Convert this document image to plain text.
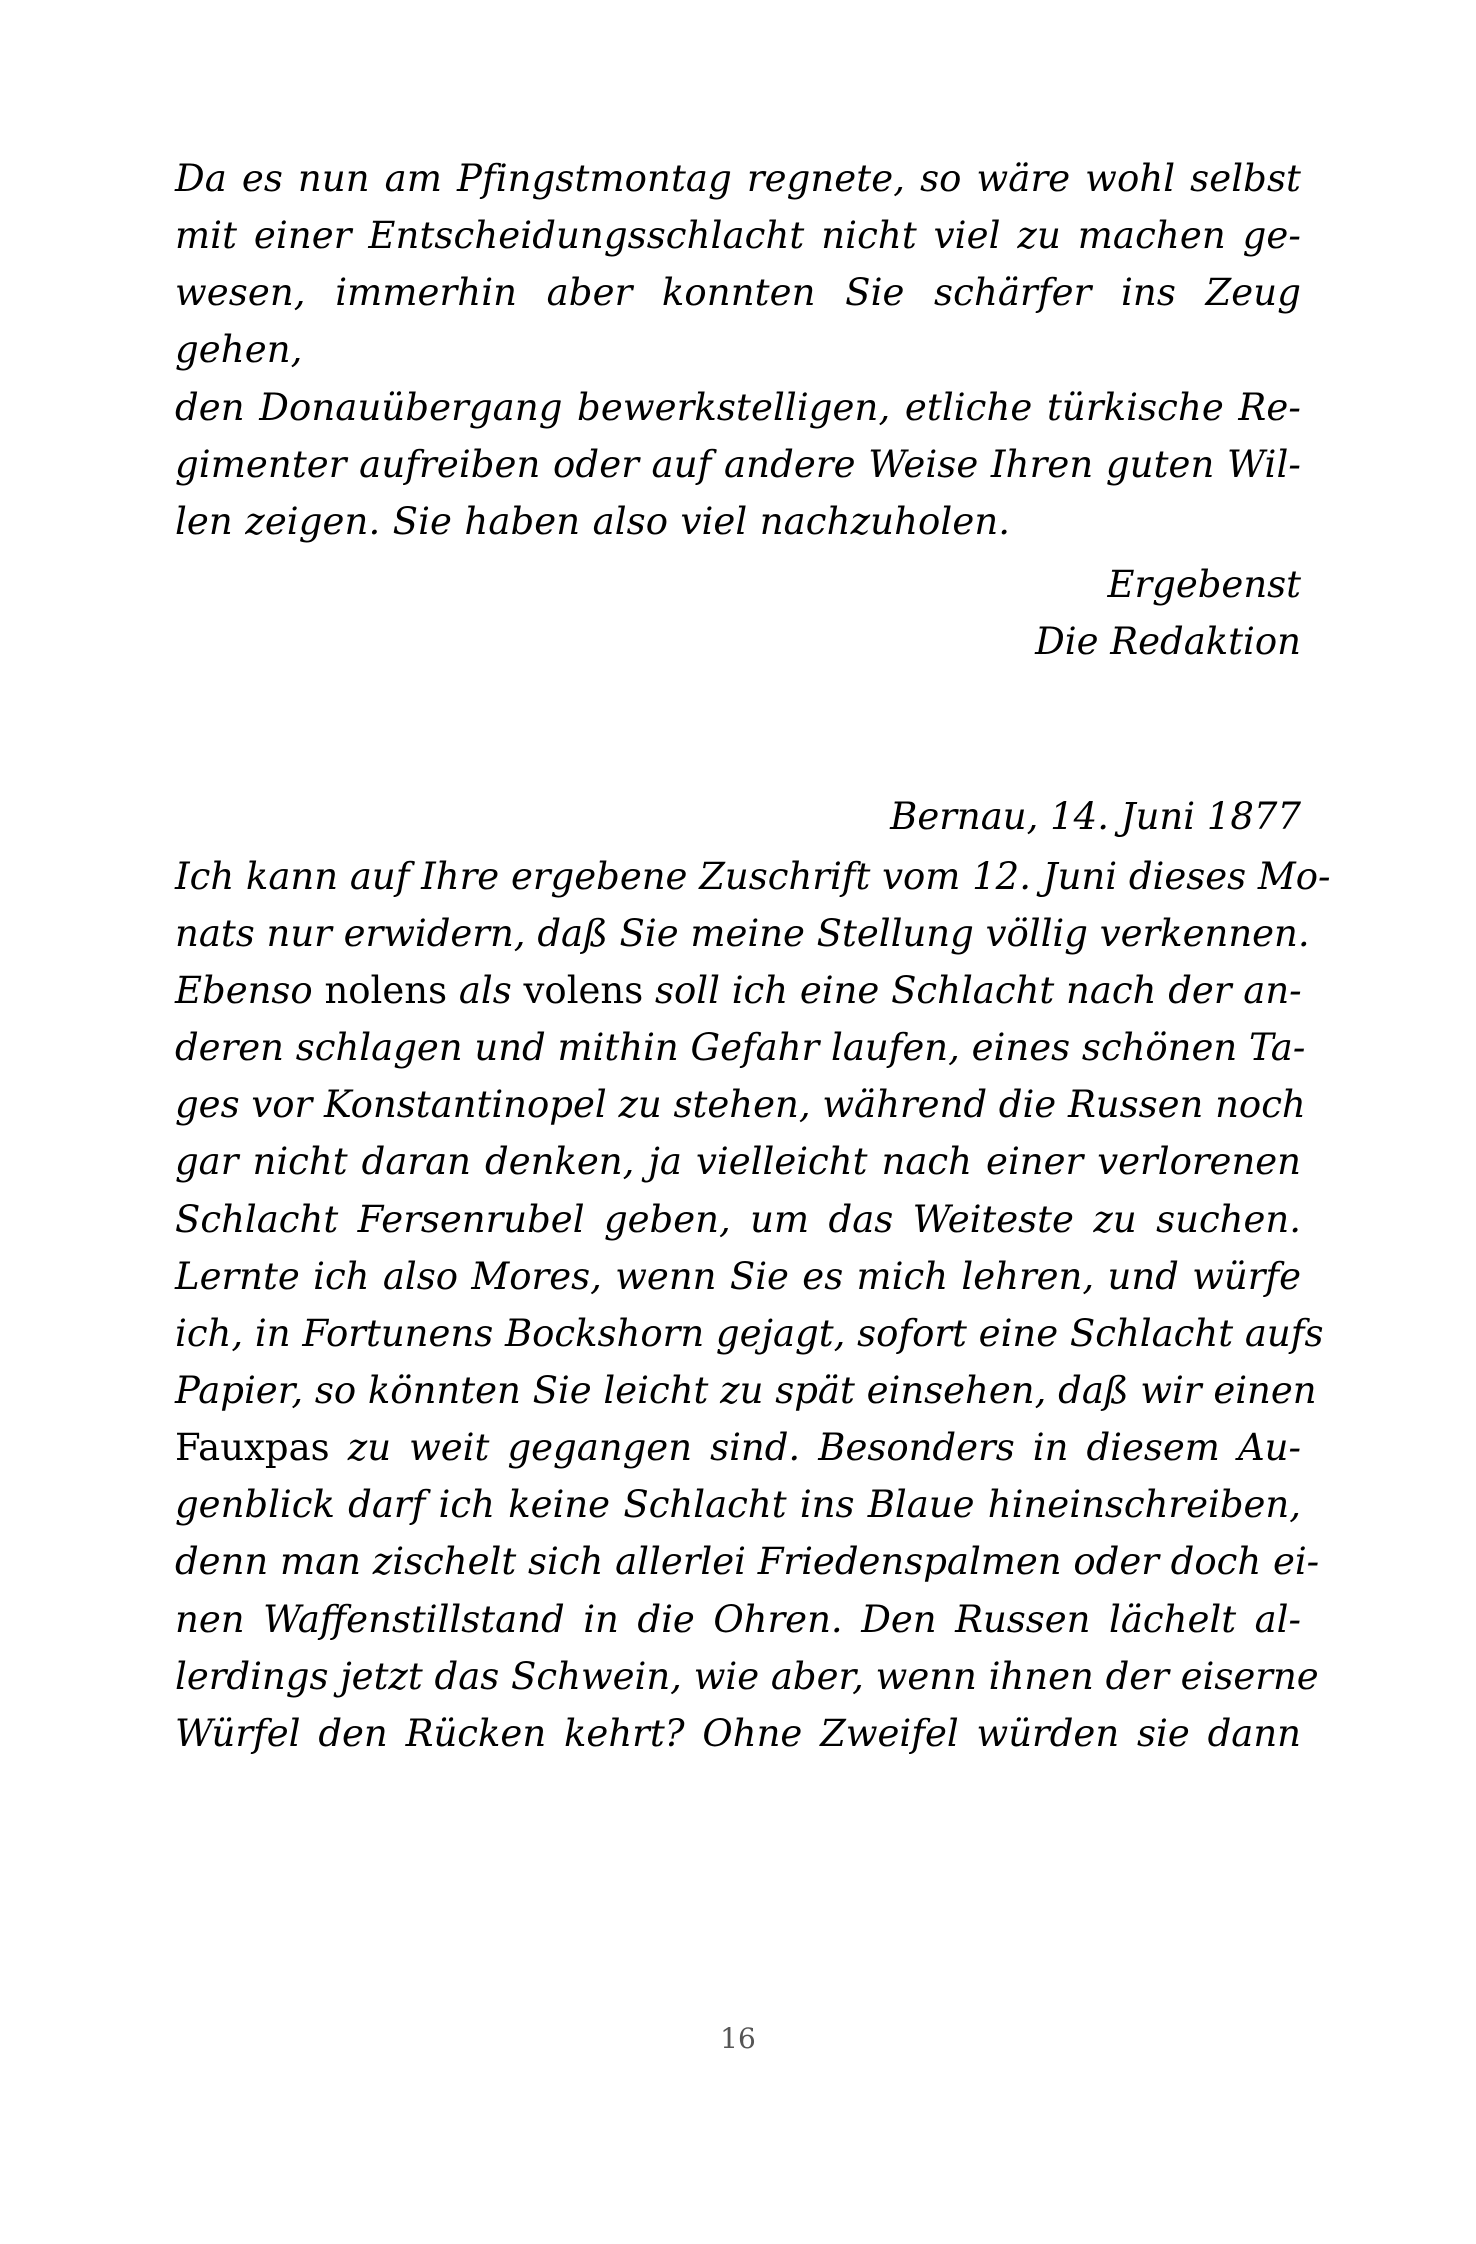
Da es nun am Pfingstmontag regnete, so wäre wohl selbst
mit einer Entscheidungsschlacht nicht viel zu machen ge-
wesen, immerhin aber konnten Sie schärfer ins Zeug gehen,
den Donauübergang bewerkstelligen, etliche türkische Re-
gimenter aufreiben oder auf andere Weise Ihren guten Wil-
len zeigen. Sie haben also viel nachzuholen.
Ergebenst
Die Redaktion
Bernau, 14. Juni 1877
Ich kann auf Ihre ergebene Zuschrift vom 12. Juni dieses Mo-
nats nur erwidern, daß Sie meine Stellung völlig verkennen.
Ebenso nolens als volens soll ich eine Schlacht nach der an-
deren schlagen und mithin Gefahr laufen, eines schönen Ta-
ges vor Konstantinopel zu stehen, während die Russen noch
gar nicht daran denken, ja vielleicht nach einer verlorenen
Schlacht Fersenrubel geben, um das Weiteste zu suchen.
Lernte ich also Mores, wenn Sie es mich lehren, und würfe
ich, in Fortunens Bockshorn gejagt, sofort eine Schlacht aufs
Papier, so könnten Sie leicht zu spät einsehen, daß wir einen
Fauxpas zu weit gegangen sind. Besonders in diesem Au-
genblick darf ich keine Schlacht ins Blaue hineinschreiben,
denn man zischelt sich allerlei Friedenspalmen oder doch ei-
nen Waffenstillstand in die Ohren. Den Russen lächelt al-
lerdings jetzt das Schwein, wie aber, wenn ihnen der eiserne
Würfel den Rücken kehrt? Ohne Zweifel würden sie dann
16
